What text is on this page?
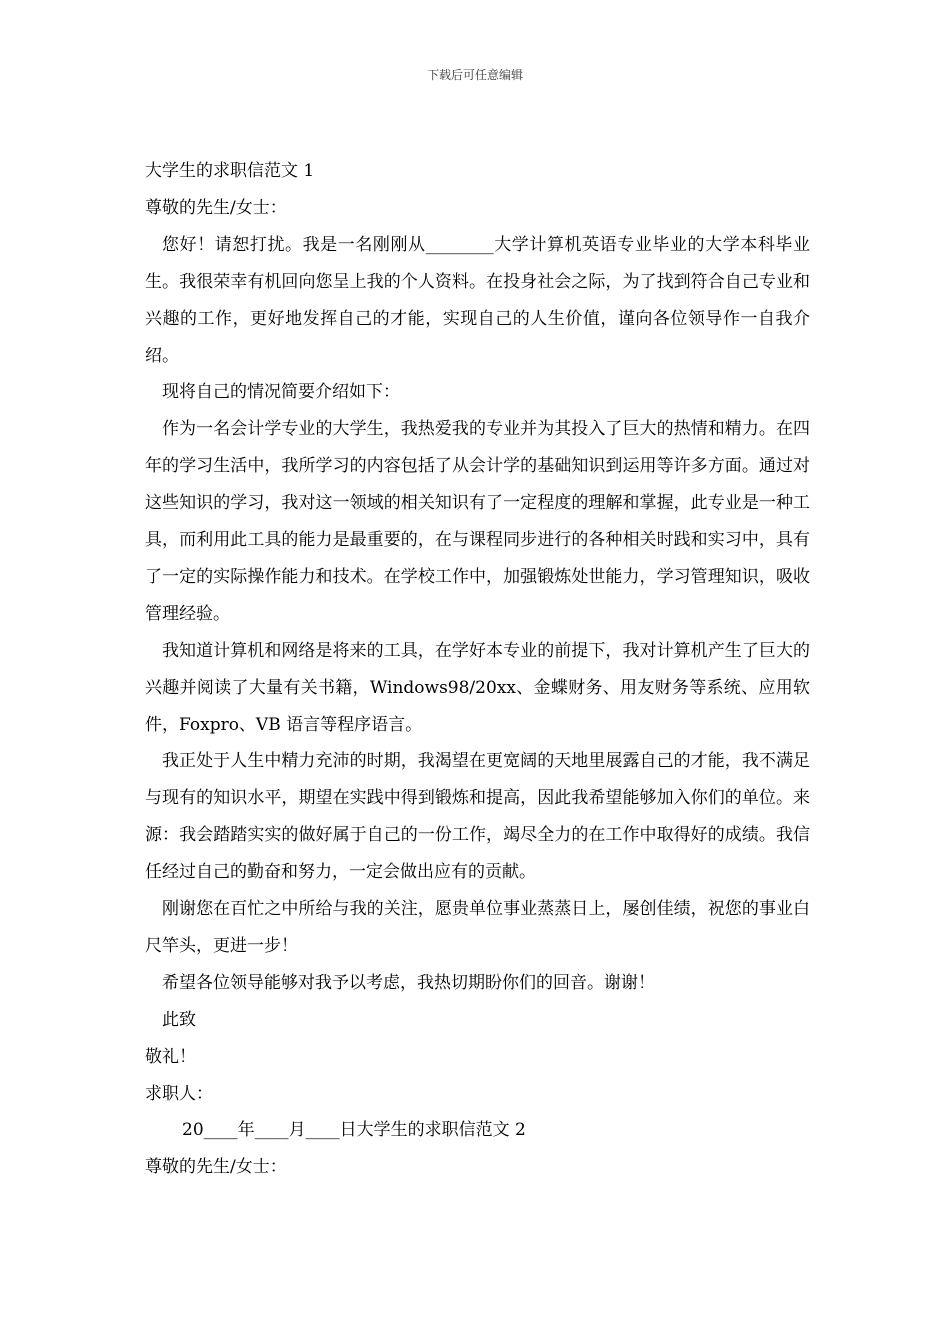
下载后可任意编辑
大学生的求职信范文 1
尊敬的先生/女士：
您好！请恕打扰。我是一名刚刚从________大学计算机英语专业毕业的大学本科毕业生。我很荣幸有机回向您呈上我的个人资料。在投身社会之际，为了找到符合自己专业和兴趣的工作，更好地发挥自己的才能，实现自己的人生价值，谨向各位领导作一自我介绍。
现将自己的情况简要介绍如下：
作为一名会计学专业的大学生，我热爱我的专业并为其投入了巨大的热情和精力。在四年的学习生活中，我所学习的内容包括了从会计学的基础知识到运用等许多方面。通过对这些知识的学习，我对这一领域的相关知识有了一定程度的理解和掌握，此专业是一种工具，而利用此工具的能力是最重要的，在与课程同步进行的各种相关时践和实习中，具有了一定的实际操作能力和技术。在学校工作中，加强锻炼处世能力，学习管理知识，吸收管理经验。
我知道计算机和网络是将来的工具，在学好本专业的前提下，我对计算机产生了巨大的兴趣并阅读了大量有关书籍，Windows98/20xx、金蝶财务、用友财务等系统、应用软件，Foxpro、VB 语言等程序语言。
我正处于人生中精力充沛的时期，我渴望在更宽阔的天地里展露自己的才能，我不满足与现有的知识水平，期望在实践中得到锻炼和提高，因此我希望能够加入你们的单位。来源：我会踏踏实实的做好属于自己的一份工作，竭尽全力的在工作中取得好的成绩。我信任经过自己的勤奋和努力，一定会做出应有的贡献。
刚谢您在百忙之中所给与我的关注，愿贵单位事业蒸蒸日上，屡创佳绩，祝您的事业白尺竿头，更进一步！
希望各位领导能够对我予以考虑，我热切期盼你们的回音。谢谢！
此致
敬礼！
求职人：
20____年____月____日大学生的求职信范文 2
尊敬的先生/女士：
